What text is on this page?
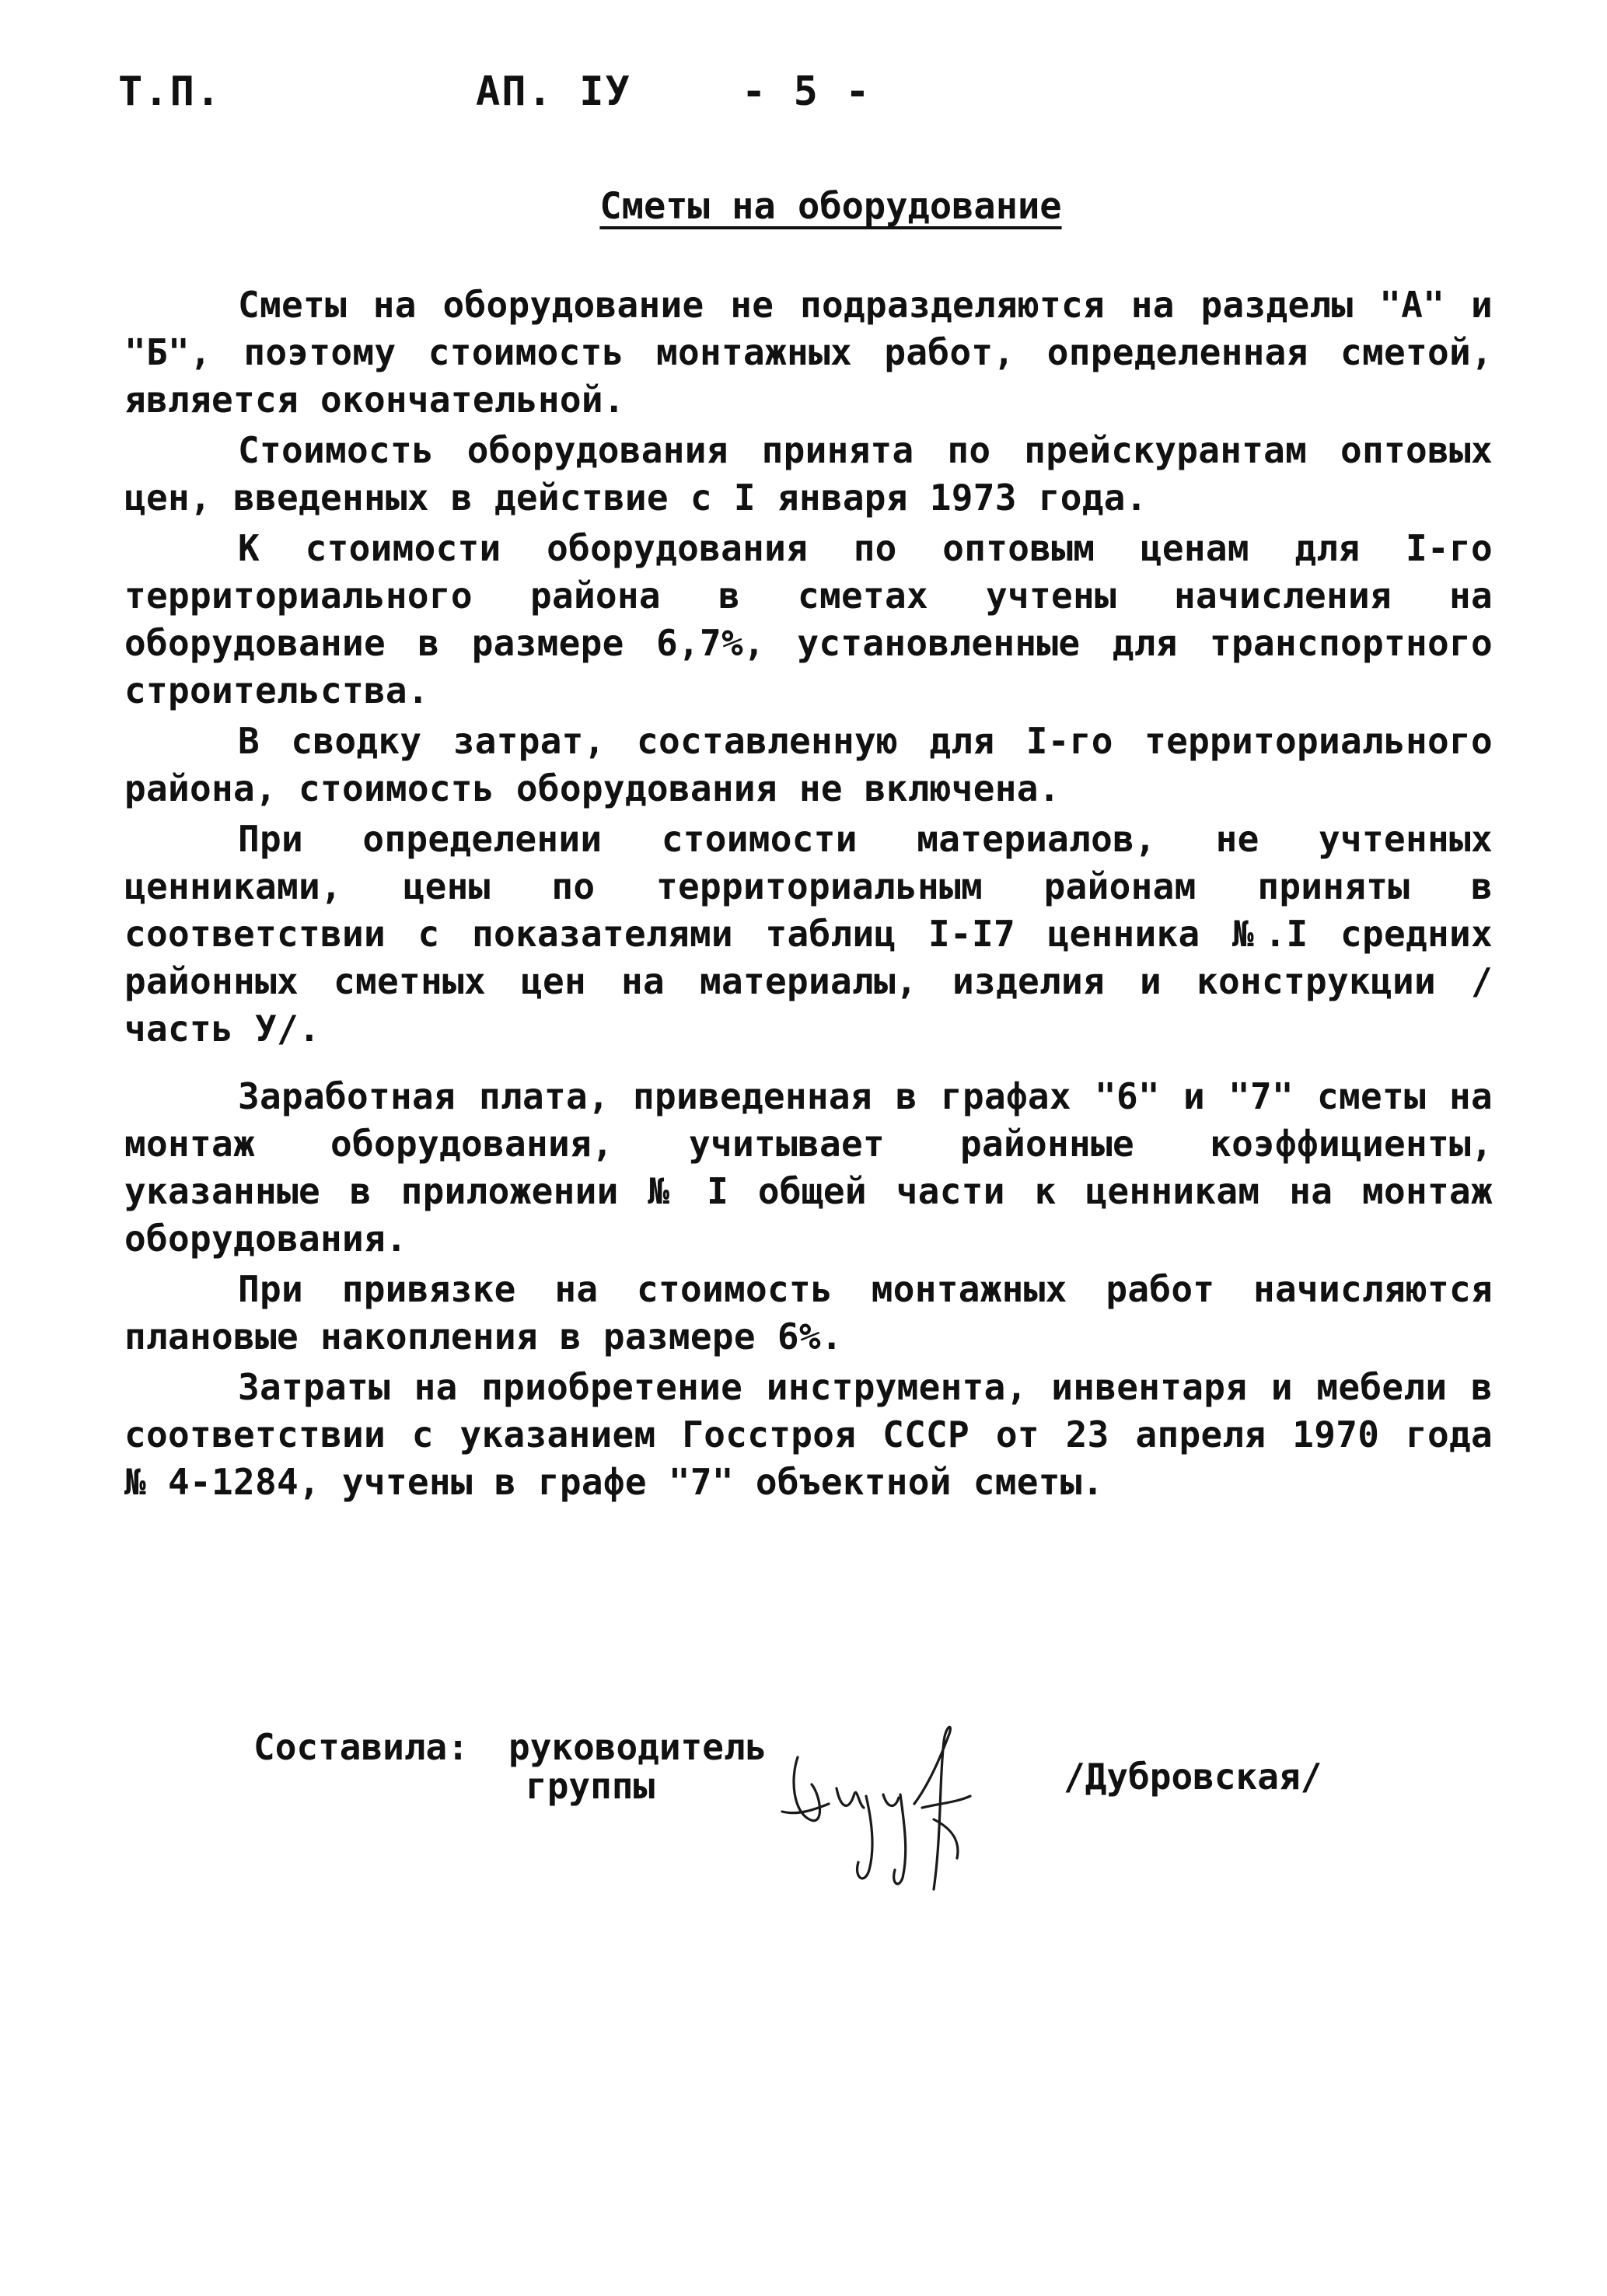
Т.П.	АП. IУ	- 5 -
Сметы на оборудование

Сметы на оборудование не подразделяются на разделы "А" и "Б", поэтому стоимость монтажных работ, определенная сметой, является окончательной.

Стоимость оборудования принята по прейскурантам оптовых цен, введенных в действие с I января 1973 года.

К стоимости оборудования по оптовым ценам для I-го территориального района в сметах учтены начисления на оборудование в размере 6,7%, установленные для транспортного строительства.

В сводку затрат, составленную для I-го территориального района, стоимость оборудования не включена.

При определении стоимости материалов, не учтенных ценниками, цены по территориальным районам приняты в соответствии с показателями таблиц I-I7 ценника №.I средних районных сметных цен на материалы, изделия и конструкции /часть У/.

Заработная плата, приведенная в графах "6" и "7" сметы на монтаж оборудования, учитывает районные коэффициенты, указанные в приложении № I общей части к ценникам на монтаж оборудования.

При привязке на стоимость монтажных работ начисляются плановые накопления в размере 6%.

Затраты на приобретение инструмента, инвентаря и мебели в соответствии с указанием Госстроя СССР от 23 апреля 1970 года № 4-1284, учтены в графе "7" объектной сметы.

Составила: руководитель
группы	/Дубровская/
